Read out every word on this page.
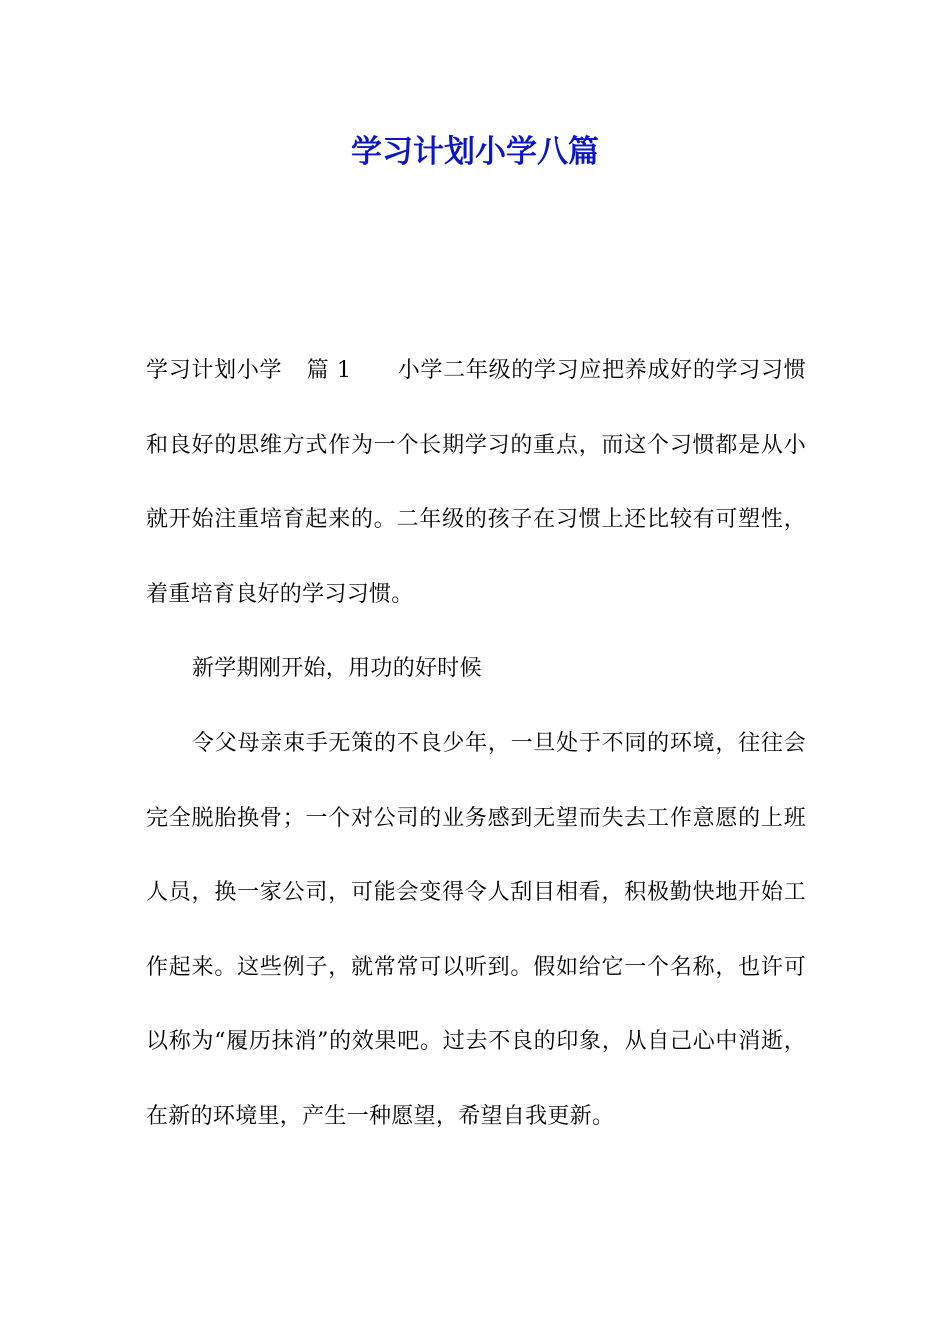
学习计划小学八篇

学习计划小学 篇 1 小学二年级的学习应把养成好的学习习惯和良好的思维方式作为一个长期学习的重点，而这个习惯都是从小就开始注重培育起来的。二年级的孩子在习惯上还比较有可塑性，着重培育良好的学习习惯。

新学期刚开始，用功的好时候

令父母亲束手无策的不良少年，一旦处于不同的环境，往往会完全脱胎换骨；一个对公司的业务感到无望而失去工作意愿的上班人员，换一家公司，可能会变得令人刮目相看，积极勤快地开始工作起来。这些例子，就常常可以听到。假如给它一个名称，也许可以称为“履历抹消”的效果吧。过去不良的印象，从自己心中消逝，在新的环境里，产生一种愿望，希望自我更新。
